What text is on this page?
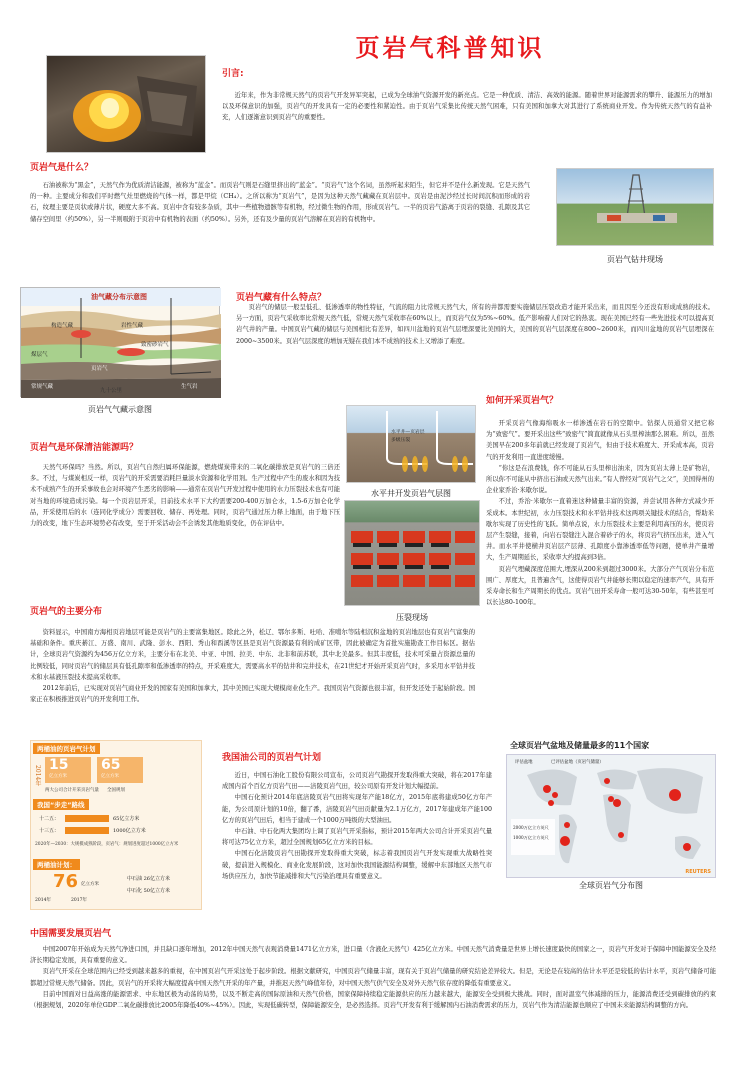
页岩气科普知识
引言:

近年来，作为非常规天然气的页岩气开发异军突起，已成为全球油气资源开发的新亮点。它是一种优质、清洁、高效的能源。随着世界对能源需求的攀升、能源压力的增加以及环保意识的加强，页岩气的开发具有一定的必要性和紧迫性。由于页岩气采集比传统天然气困难，只有美国和加拿大对其进行了系统商业开发。作为传统天然气的有益补充，人们逐渐意识到页岩气的重要性。

页岩气是什么？

石油被称为“黑金”，天然气作为优质清洁能源，被称为“蓝金”。而页岩气则是石缝里挤出的“蓝金”。“页岩气”这个名词，虽然听起来陌生，但它并不是什么新发现。它是天然气的一种。主要成分和我们平时燃气灶里燃烧的气体一样，都是甲烷（CH₄）。之所以称为“页岩气”，是因为这种天然气藏藏在页岩层中。页岩是由泥沙经过长时间沉积而形成的岩石，纹理主要是页状或薄片状，硬度大多不高。页岩中含有较多杂质，其中一些植物遗骸等有机物，经过微生物的作用，形成页岩气。一半的页岩气游离于页岩的裂缝、孔隙及其它储存空间里（约50%），另一半则吸附于页岩中有机物的表面（约50%）。另外，还有及少量的页岩气溶解在页岩的有机物中。

页岩气钻井现场
油气藏分布示意图
构造气藏	岩性气藏
致密砂岩气
页岩气
煤层气
生气岩
常规气藏
九十公里
页岩气气藏示意图
页岩气藏有什么特点？

页岩气的储层一般呈低孔、低渗透率的物性特征，气流的阻力比常规天然气大，所有的井都需要实施储层压裂改造才能开采出来，而且因至今还没有形成成熟的技术。另一方面，页岩气采收率比常规天然气低，常规天然气采收率在60%以上，而页岩气仅为5%~60%。低产影响着人们对它的热衷。现在美国已经有一些先进技术可以提高页岩气井的产量。中国页岩气藏的储层与美国相比有差异，如四川盆地的页岩气层埋深要比美国的大，美国的页岩气层深度在800~2600米，而四川盆地的页岩气层埋深在2000~3500米。页岩气层深度的增加无疑在我们本不成熟的技术上又增添了难度。

页岩气是环保清洁能源吗？

天然气环保吗？当然。所以，页岩气自然归属环保能源，燃烧煤炭带来的二氧化碳排放是页岩气的三倍还多。不过，与煤炭相反一样，页岩气的开采需要消耗巨量淡水资源和化学用剂。生产过程中产生的废水和因为技术不成熟产生的开采事故也会对环境产生恶劣的影响——通常在页岩气开发过程中使用的水力压裂技术也有可能对当地的环境造成污染。每一个页岩层开采，目前技术水平下大约需要200-400万加仑水，1.5-6万加仑化学品，开采使用后的水（连同化学成分）需要回收、储存、再处理。同时，页岩气通过压力释上地面，由于地下压力的改变，地下生态环境势必有改变，至于开采活动会不会诱发其他地质变化，仍在评估中。

如何开采页岩气？

开采页岩气像海绵吸水一样渗透在岩石的空隙中。钻探人员通常又把它称为“致密气”。要开采出这些“致密气”简直就像从石头里榨油那么困难。所以，虽然美国早在200多年前就已经发现了页岩气，但由于技术难度大、开采成本高，页岩气的开发利用一直进度缓慢。

“你这是在浪费钱，你不可能从石头里榨出油来，因为页岩太薄上是矿物岩，所以你不可能从中挤出石油或天然气出来。”有人曾经对“页岩气之父”，美国得州的企业家乔治·米歇尔说。

不过，乔治·米歇尔一直着迷这种储量丰富的资源，并尝试用各种方式减少开采成本。本世纪初，水力压裂技术和水平钻井技术这两项关键技术的结合，帮助米歇尔实现了历史性的飞跃。简单点说，水力压裂技术主要是利用高压的水，使页岩层产生裂缝，接着，向岩石裂缝注入混合着砂子的水，将页岩气挤压出来，进入气井。而水平井使横井页岩层产层薄、孔隙度小靠渗透率低等问题，使单井产量增大，生产周期延长，采收率大约提高到3倍。

页岩气埋藏深度范围大,埋深从200米到超过3000米。大部分产气页岩分布范围广、厚度大，且普遍含气，这使得页岩气井能够长期以稳定的速率产气，具有开采寿命长和生产周期长的优点。页岩气田开采寿命一般可达30-50年，有些甚至可以长达80-100年。

水平井—页岩层
多级压裂
水平井开发页岩气层图
压裂现场
页岩气的主要分布

资料显示，中国南方海相页岩地层可能是页岩气的主要富集地区。除此之外，松辽、鄂尔多斯、吐哈、准噶尔等陆相沉积盆地的页岩地层也有页岩气富集的基础和条件。重庆綦江、万盛、南川、武隆、彭水、西阳、秀山和酉溪等区县是页岩气资源最有利的成矿区带，因此被确定为首批实施勘查工作目标区。据估计，全球页岩气资源约为456万亿立方米，主要分布在北美、中亚、中国、拉美、中东、北非和前苏联，其中北美最多。但其丰度低，技术可采量占资源总量的比例较低，同时页岩气的储层具有低孔隙率和低渗透率的特点，开采难度大，需要高水平的钻井和完井技术，在21世纪才开始开采页岩气时，多采用水平钻井技术和水基液压裂技术提高采收率。

2012年前后，已实现对页岩气商业开发的国家有美国和加拿大，其中美国已实现大规模商业化生产。我国页岩气资源也很丰富，但开发还处于起始阶段。国家正在积极推进页岩气的开发利用工作。

两桶油的页岩气计划
2014年 15
亿立方米
65
亿立方米
两大公司合计开采页岩气量 全国规划
我国“步走”路线
十二五：	65亿立方米
十三五：	1000亿立方米
2020年—2030：大规模成熟阶段，页岩气：规划进度超过1000亿立方米
两桶油计划：
76 亿立方米
2014年	2017年
中石油 26亿立方米
中石化 50亿立方米
我国油公司的页岩气计划

近日，中国石油化工股份有限公司宣布，公司页岩气勘探开发取得重大突破，将在2017年建成国内首个百亿方页岩气田——涪陵页岩气田，较公司原有开发计划大幅提前。

中国石化预计2014年底涪陵页岩气田将实现年产能18亿方，2015年底将建成50亿方年产能，为公司原计划的10倍，翻了番，涪陵页岩气田贡献量为2.1万亿方，2017年建成年产能100亿方的页岩气田后，相当于建成一个1000万吨级的大型油田。

中石油、中石化两大集团均上调了页岩气开采指标，预计2015年两大公司合计开采页岩气量将可达75亿立方米，超过全国规划65亿立方米的目标。

中国石化涪陵页岩气田勘探开发取得重大突破，标志着我国页岩气开发实现重大战略性突破，提前进入规模化、商业化发展阶段，这对加快我国能源结构调整，缓解中东部地区天然气市场供应压力，加快节能减排和大气污染治理具有重要意义。

全球页岩气盆地及储量最多的11个国家
评估盆地	已评估盆地（页岩气储量）
2000万亿立方英尺
1000万亿立方英尺
REUTERS
全球页岩气分布图
中国需要发展页岩气

中国2007年开始成为天然气净进口国，并且缺口逐年增加，2012年中国天然气表观消费量1471亿立方米，进口量（含液化天然气）425亿立方米。中国天然气消费量是世界上增长速度最快的国家之一，页岩气开发对于保障中国能源安全及经济长期稳定发展，具有重要的意义。

页岩气开采在全球范围内已经受到越来越多的重视，在中国页岩气开采这处于起步阶段。根据文献研究，中国页岩气储量丰富，现有关于页岩气储量的研究结论差异较大。但是，无论是在较高的估计水平还是较低的估计水平，页岩气储备可能都超过常规天然气储备。因此，页岩气的开采将大幅度提高中国天然气开采的年产量，并推迟天然气峰值年份，对中国天然气供气安全及对外天然气依存度的降低有重要意义。

目前中国面对日益高涨的能源需求、中东地区极为动荡的局势，以及不断走高的国际原油和天然气价格，国家保障持续稳定能源供应的压力越来越大，能源安全受到极大挑战。同时，面对温室气体减排的压力，能源消费还受到碳排放的约束（根据规划，2020年单位GDP二氧化碳排放比2005年降低40%~45%）。因此，实现低碳转型，保障能源安全，是必然选择。页岩气开发有利于缓解国内石油消费需求的压力，页岩气作为清洁能源也顺应了中国未来能源结构调整的方向。
